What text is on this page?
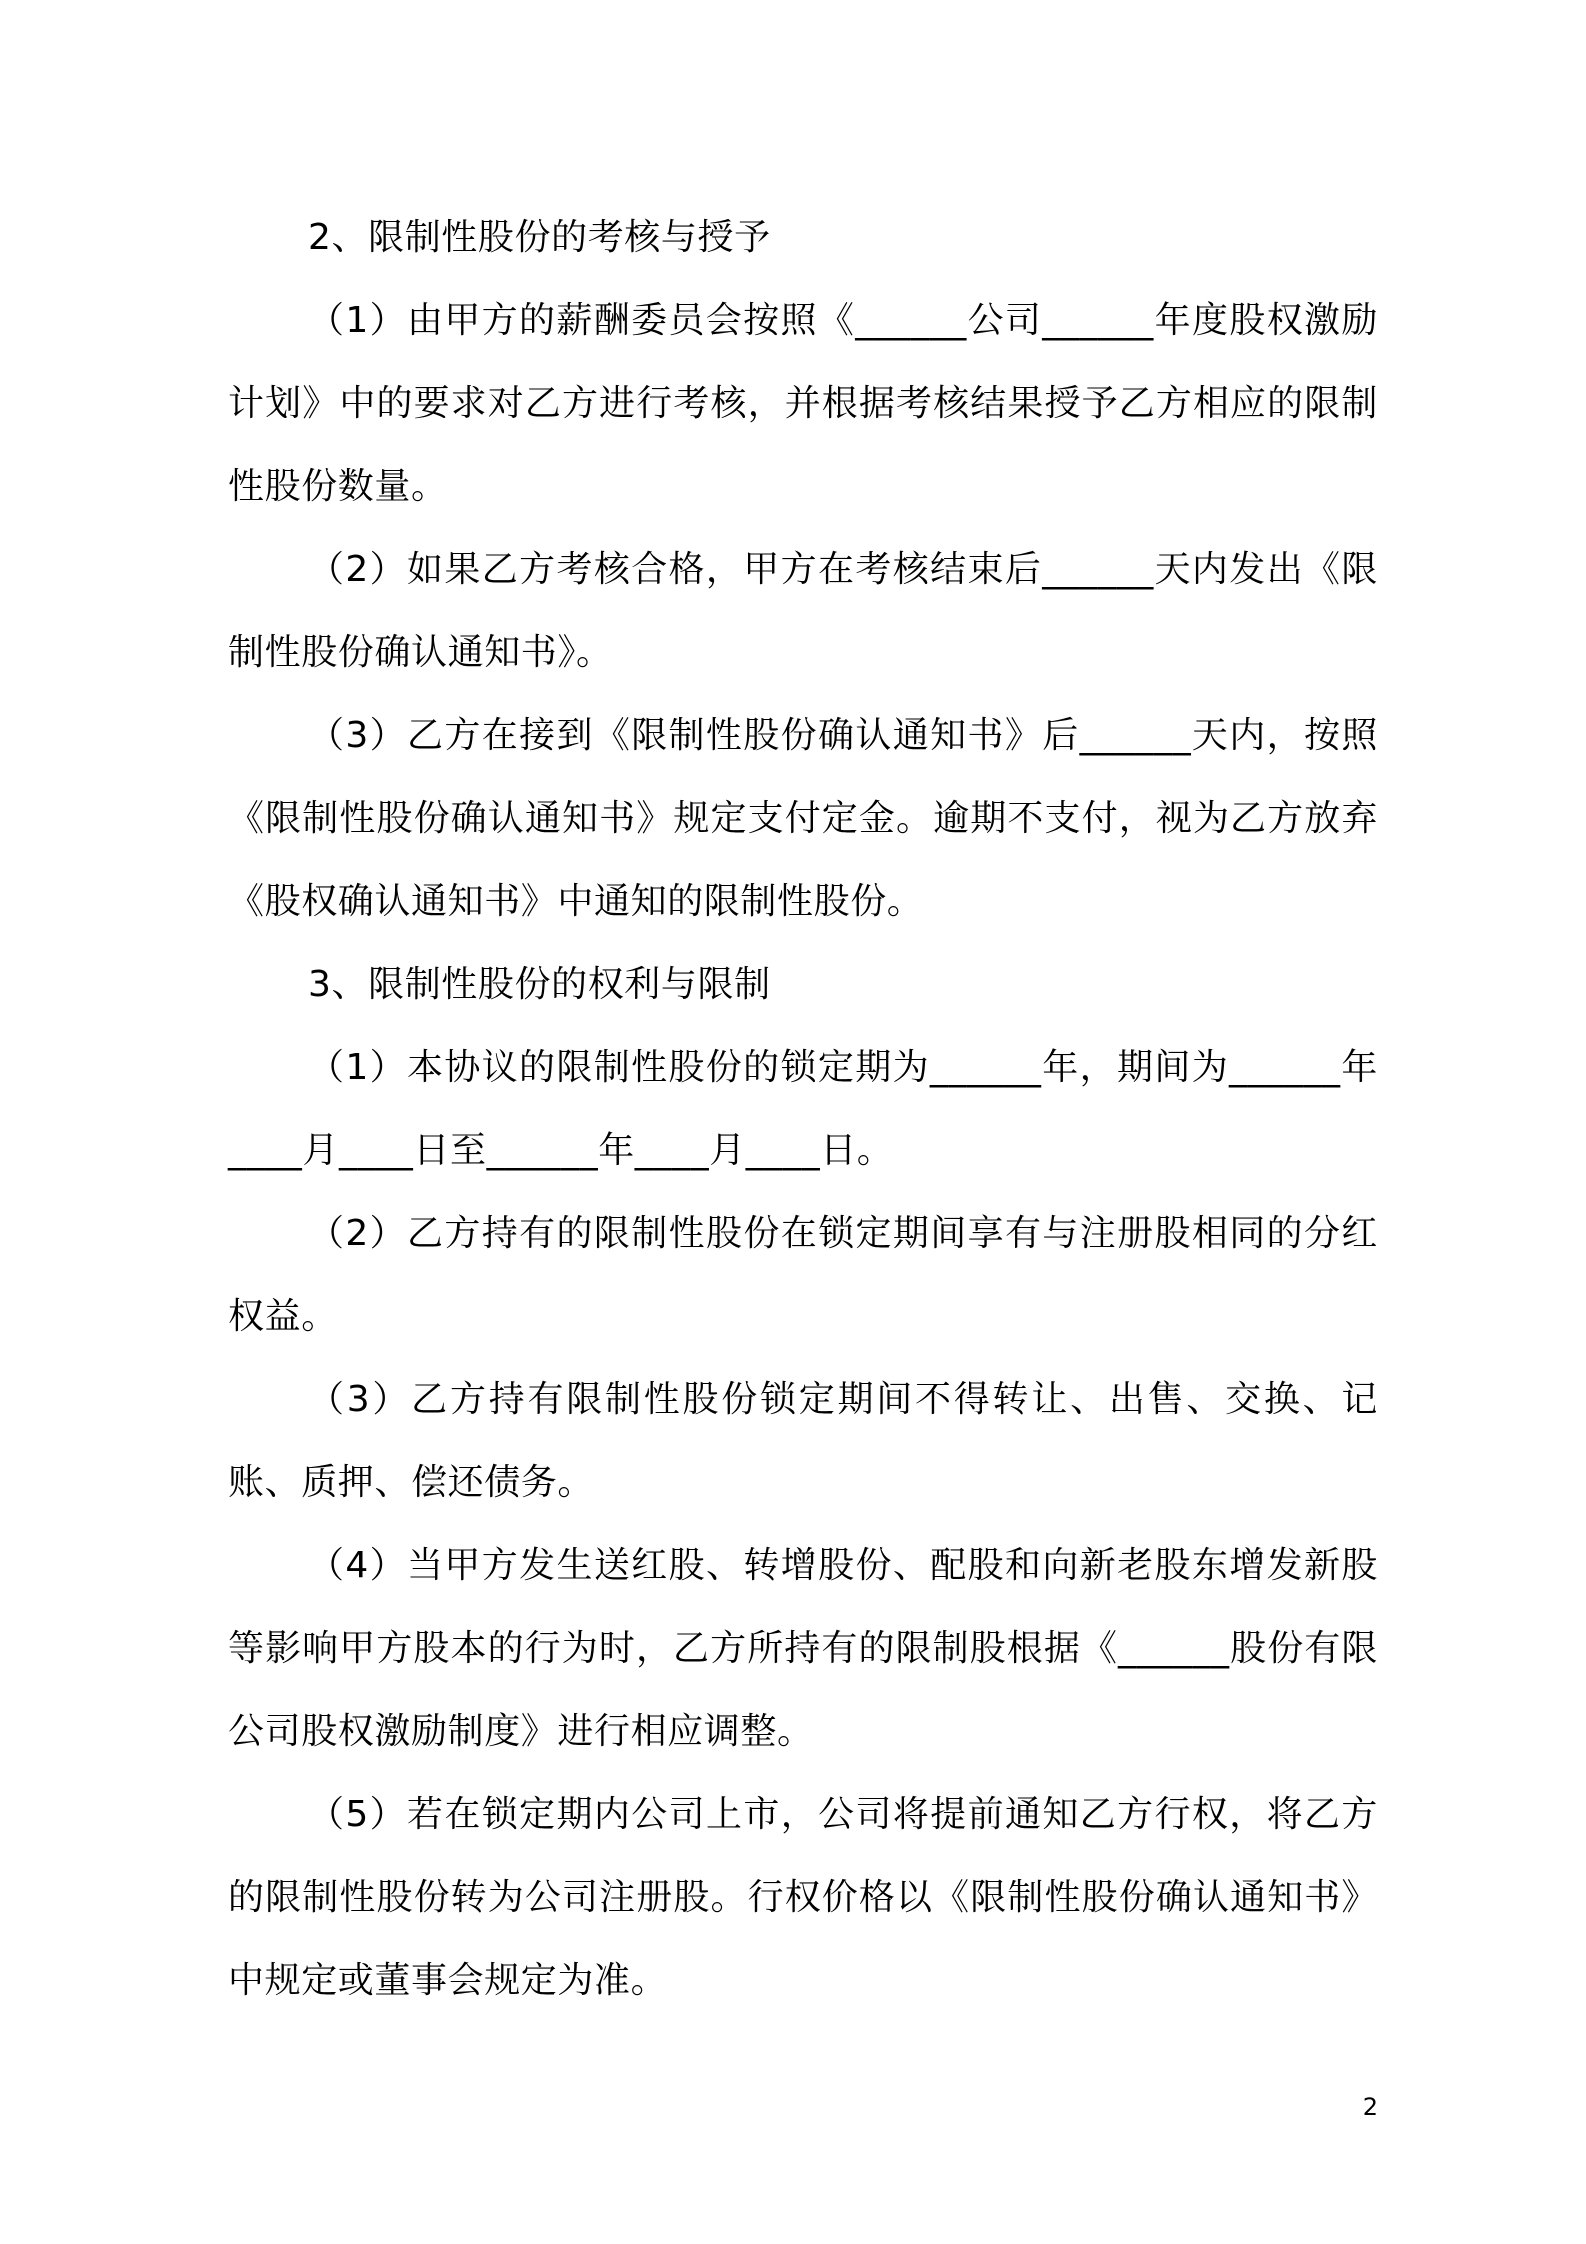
2、限制性股份的考核与授予

（1）由甲方的薪酬委员会按照《______公司______年度股权激励计划》中的要求对乙方进行考核，并根据考核结果授予乙方相应的限制性股份数量。

（2）如果乙方考核合格，甲方在考核结束后______天内发出《限制性股份确认通知书》。

（3）乙方在接到《限制性股份确认通知书》后______天内，按照《限制性股份确认通知书》规定支付定金。逾期不支付，视为乙方放弃《股权确认通知书》中通知的限制性股份。

3、限制性股份的权利与限制

（1）本协议的限制性股份的锁定期为______年，期间为______年____月____日至______年____月____日。

（2）乙方持有的限制性股份在锁定期间享有与注册股相同的分红权益。

（3）乙方持有限制性股份锁定期间不得转让、出售、交换、记账、质押、偿还债务。

（4）当甲方发生送红股、转增股份、配股和向新老股东增发新股等影响甲方股本的行为时，乙方所持有的限制股根据《______股份有限公司股权激励制度》进行相应调整。

（5）若在锁定期内公司上市，公司将提前通知乙方行权，将乙方的限制性股份转为公司注册股。行权价格以《限制性股份确认通知书》中规定或董事会规定为准。

2
